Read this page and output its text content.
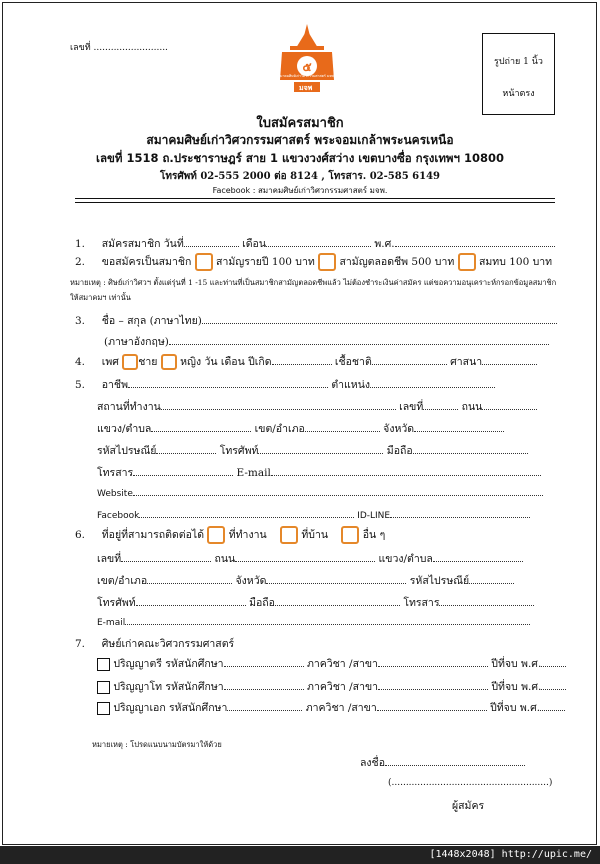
เลขที่ ..........................
๕
สมาคมศิษย์เก่าวิศวกรรมศาสตร์ มจพ
มจพ
รูปถ่าย 1 นิ้ว
หน้าตรง
ใบสมัครสมาชิก
สมาคมศิษย์เก่าวิศวกรรมศาสตร์ พระจอมเกล้าพระนครเหนือ
เลขที่ 1518 ถ.ประชาราษฎร์ สาย 1 แขวงวงศ์สว่าง เขตบางซื่อ กรุงเทพฯ 10800
โทรศัพท์ 02-555 2000 ต่อ 8124 , โทรสาร. 02-585 6149
Facebook : สมาคมศิษย์เก่าวิศวกรรมศาสตร์ มจพ.
1. สมัครสมาชิก วันที่	เดือน	พ.ศ.
2. ขอสมัครเป็นสมาชิก สามัญรายปี 100 บาท สามัญตลอดชีพ 500 บาท สมทบ 100 บาท
หมายเหตุ : ศิษย์เก่าวิศวฯ ตั้งแต่รุ่นที่ 1 -15 และท่านที่เป็นสมาชิกสามัญตลอดชีพแล้ว ไม่ต้องชำระเงินค่าสมัคร แต่ขอความอนุเคราะห์กรอกข้อมูลสมาชิก
ให้สมาคมฯ เท่านั้น
3. ชื่อ – สกุล (ภาษาไทย)
(ภาษาอังกฤษ)
4. เพศ ชาย หญิง วัน เดือน ปีเกิด	เชื้อชาติ	ศาสนา
5. อาชีพ	ตำแหน่ง
สถานที่ทำงาน	เลขที่	ถนน
แขวง/ตำบล	เขต/อำเภอ	จังหวัด
รหัสไปรษณีย์	โทรศัพท์	มือถือ
โทรสาร	E-mail
Website
Facebook	ID-LINE
6. ที่อยู่ที่สามารถติดต่อได้ ที่ทำงาน	ที่บ้าน	อื่น ๆ
เลขที่	ถนน	แขวง/ตำบล
เขต/อำเภอ	จังหวัด	รหัสไปรษณีย์
โทรศัพท์	มือถือ	โทรสาร
E-mail
7. ศิษย์เก่าคณะวิศวกรรมศาสตร์
ปริญญาตรี รหัสนักศึกษา	ภาควิชา /สาขา	ปีที่จบ พ.ศ.
ปริญญาโท รหัสนักศึกษา	ภาควิชา /สาขา	ปีที่จบ พ.ศ.
ปริญญาเอก รหัสนักศึกษา	ภาควิชา /สาขา	ปีที่จบ พ.ศ.
หมายเหตุ : โปรดแนบนามบัตรมาให้ด้วย
ลงชื่อ
(.......................................................)
ผู้สมัคร
[1448x2048] http://upic.me/
